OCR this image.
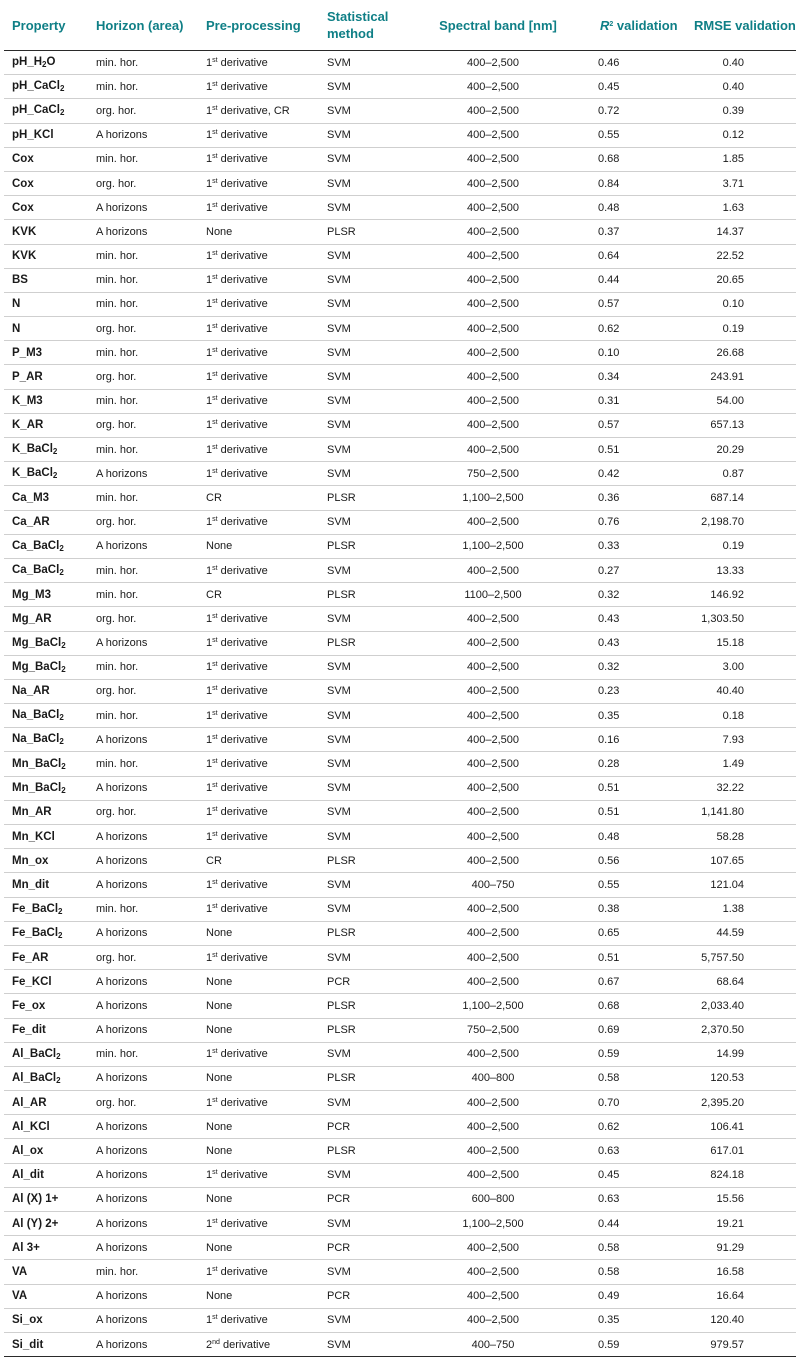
Property	Horizon (area)	Pre-processing	Statistical method	Spectral band [nm]	$R^2$ validation	RMSE validation
$pH\_H_2O$	min. hor.	1st derivative	SVM	400–2,500	0.46	0.40
pH_CaCl$_2$	min. hor.	1st derivative	SVM	400–2,500	0.45	0.40
pH_CaCl$_2$	org. hor.	1st derivative, CR	SVM	400–2,500	0.72	0.39
pH_KCl	A horizons	1st derivative	SVM	400–2,500	0.55	0.12
Cox	min. hor.	1st derivative	SVM	400–2,500	0.68	1.85
Cox	org. hor.	1st derivative	SVM	400–2,500	0.84	3.71
Cox	A horizons	1st derivative	SVM	400–2,500	0.48	1.63
KVK	A horizons	None	PLSR	400–2,500	0.37	14.37
KVK	min. hor.	1st derivative	SVM	400–2,500	0.64	22.52
BS	min. hor.	1st derivative	SVM	400–2,500	0.44	20.65
N	min. hor.	1st derivative	SVM	400–2,500	0.57	0.10
N	org. hor.	1st derivative	SVM	400–2,500	0.62	0.19
P_M3	min. hor.	1st derivative	SVM	400–2,500	0.10	26.68
P_AR	org. hor.	1st derivative	SVM	400–2,500	0.34	243.91
K_M3	min. hor.	1st derivative	SVM	400–2,500	0.31	54.00
K_AR	org. hor.	1st derivative	SVM	400–2,500	0.57	657.13
K_BaCl$_2$	min. hor.	1st derivative	SVM	400–2,500	0.51	20.29
K_BaCl$_2$	A horizons	1st derivative	SVM	750–2,500	0.42	0.87
Ca_M3	min. hor.	CR	PLSR	1,100–2,500	0.36	687.14
Ca_AR	org. hor.	1st derivative	SVM	400–2,500	0.76	2,198.70
Ca_BaCl$_2$	A horizons	None	PLSR	1,100–2,500	0.33	0.19
Ca_BaCl$_2$	min. hor.	1st derivative	SVM	400–2,500	0.27	13.33
Mg_M3	min. hor.	CR	PLSR	1100–2,500	0.32	146.92
Mg_AR	org. hor.	1st derivative	SVM	400–2,500	0.43	1,303.50
Mg_BaCl$_2$	A horizons	1st derivative	PLSR	400–2,500	0.43	15.18
Mg_BaCl$_2$	min. hor.	1st derivative	SVM	400–2,500	0.32	3.00
Na_AR	org. hor.	1st derivative	SVM	400–2,500	0.23	40.40
Na_BaCl$_2$	min. hor.	1st derivative	SVM	400–2,500	0.35	0.18
Na_BaCl$_2$	A horizons	1st derivative	SVM	400–2,500	0.16	7.93
Mn_BaCl$_2$	min. hor.	1st derivative	SVM	400–2,500	0.28	1.49
Mn_BaCl$_2$	A horizons	1st derivative	SVM	400–2,500	0.51	32.22
Mn_AR	org. hor.	1st derivative	SVM	400–2,500	0.51	1,141.80
Mn_KCl	A horizons	1st derivative	SVM	400–2,500	0.48	58.28
Mn_ox	A horizons	CR	PLSR	400–2,500	0.56	107.65
Mn_dit	A horizons	1st derivative	SVM	400–750	0.55	121.04
Fe_BaCl$_2$	min. hor.	1st derivative	SVM	400–2,500	0.38	1.38
Fe_BaCl$_2$	A horizons	None	PLSR	400–2,500	0.65	44.59
Fe_AR	org. hor.	1st derivative	SVM	400–2,500	0.51	5,757.50
Fe_KCl	A horizons	None	PCR	400–2,500	0.67	68.64
Fe_ox	A horizons	None	PLSR	1,100–2,500	0.68	2,033.40
Fe_dit	A horizons	None	PLSR	750–2,500	0.69	2,370.50
Al_BaCl$_2$	min. hor.	1st derivative	SVM	400–2,500	0.59	14.99
Al_BaCl$_2$	A horizons	None	PLSR	400–800	0.58	120.53
Al_AR	org. hor.	1st derivative	SVM	400–2,500	0.70	2,395.20
Al_KCl	A horizons	None	PCR	400–2,500	0.62	106.41
Al_ox	A horizons	None	PLSR	400–2,500	0.63	617.01
Al_dit	A horizons	1st derivative	SVM	400–2,500	0.45	824.18
Al (X) 1+	A horizons	None	PCR	600–800	0.63	15.56
Al (Y) 2+	A horizons	1st derivative	SVM	1,100–2,500	0.44	19.21
Al 3+	A horizons	None	PCR	400–2,500	0.58	91.29
VA	min. hor.	1st derivative	SVM	400–2,500	0.58	16.58
VA	A horizons	None	PCR	400–2,500	0.49	16.64
Si_ox	A horizons	1st derivative	SVM	400–2,500	0.35	120.40
Si_dit	A horizons	2nd derivative	SVM	400–750	0.59	979.57
